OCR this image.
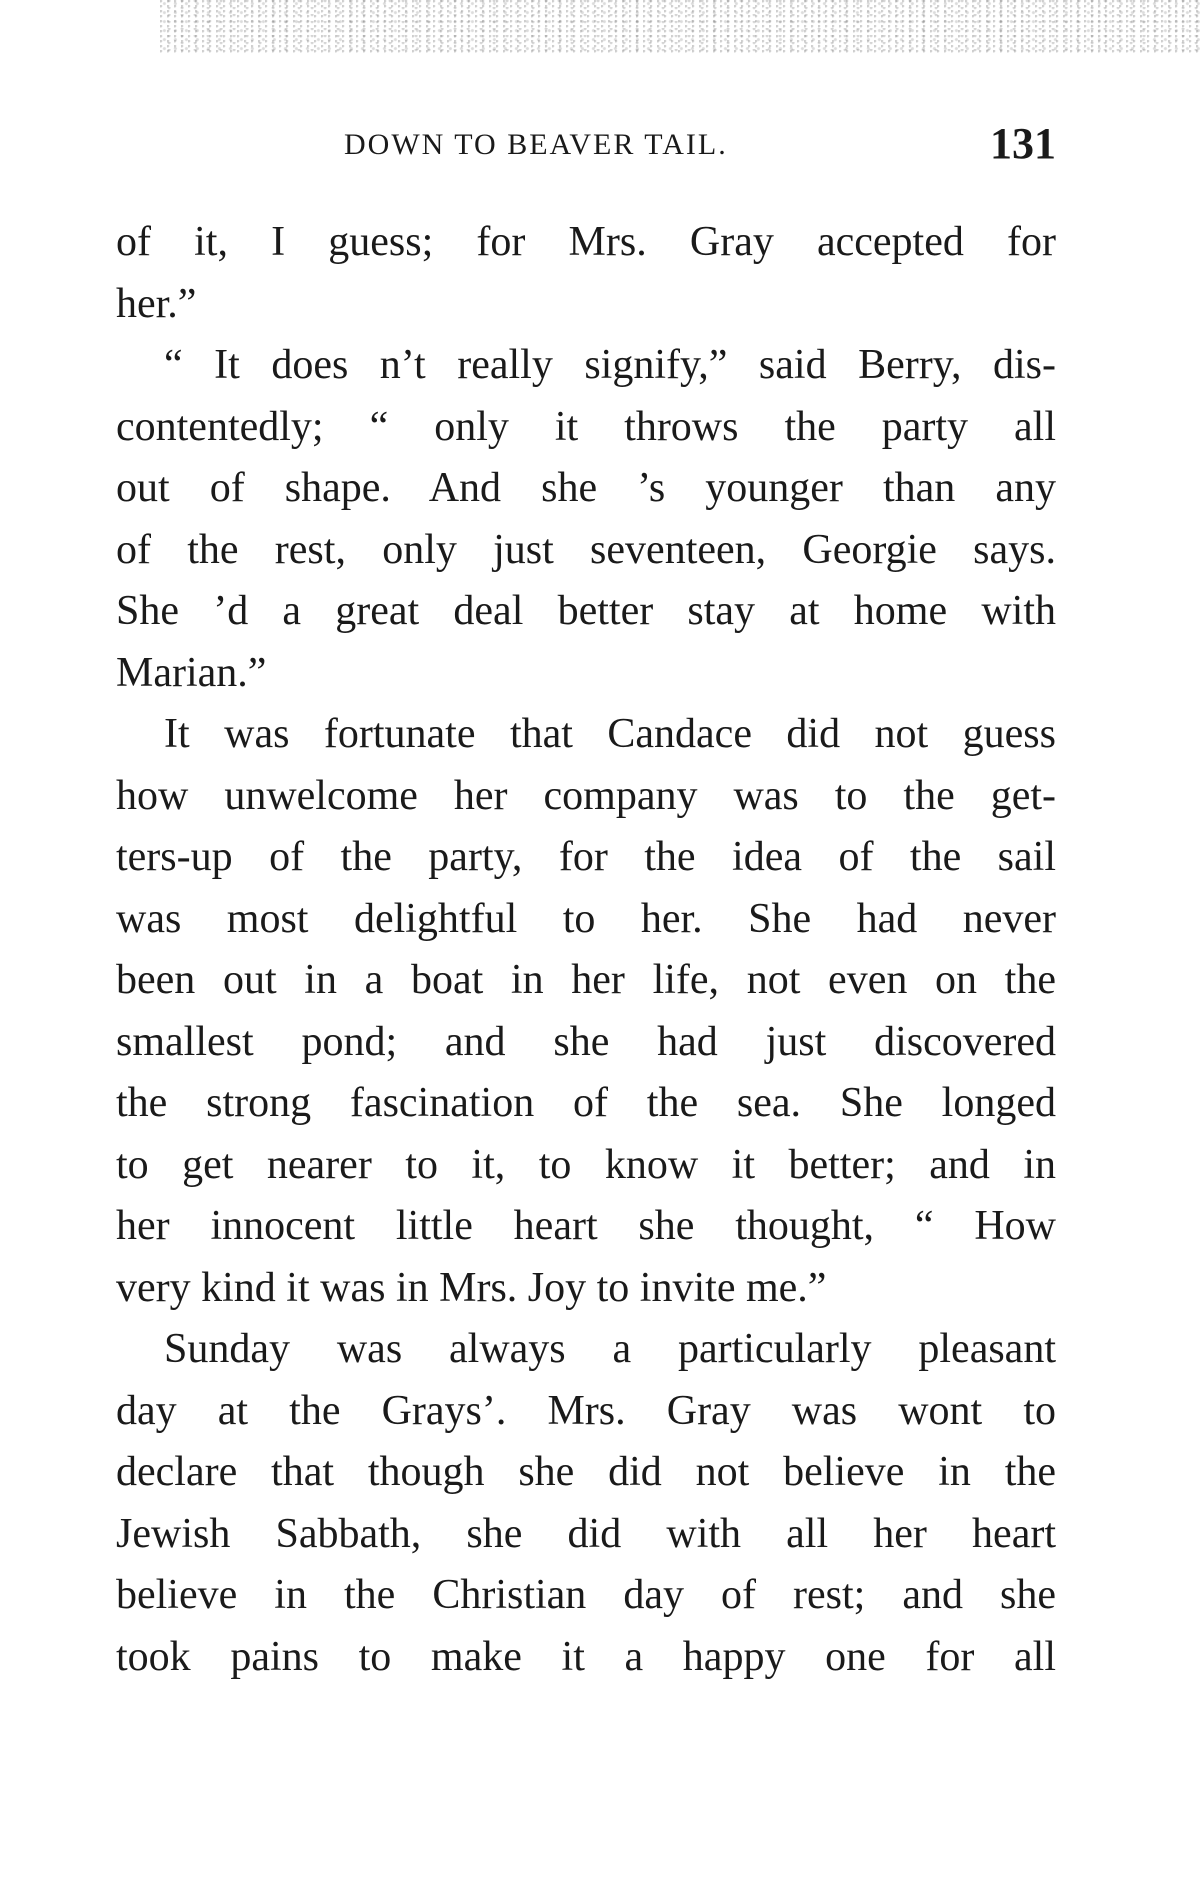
DOWN TO BEAVER TAIL.	131
of it, I guess; for Mrs. Gray accepted for
her.”
“ It does n’t really signify,” said Berry, dis-
contentedly; “ only it throws the party all
out of shape. And she ’s younger than any
of the rest, only just seventeen, Georgie says.
She ’d a great deal better stay at home with
Marian.”
It was fortunate that Candace did not guess
how unwelcome her company was to the get-
ters-up of the party, for the idea of the sail
was most delightful to her. She had never
been out in a boat in her life, not even on the
smallest pond; and she had just discovered
the strong fascination of the sea. She longed
to get nearer to it, to know it better; and in
her innocent little heart she thought, “ How
very kind it was in Mrs. Joy to invite me.”
Sunday was always a particularly pleasant
day at the Grays’. Mrs. Gray was wont to
declare that though she did not believe in the
Jewish Sabbath, she did with all her heart
believe in the Christian day of rest; and she
took pains to make it a happy one for all
